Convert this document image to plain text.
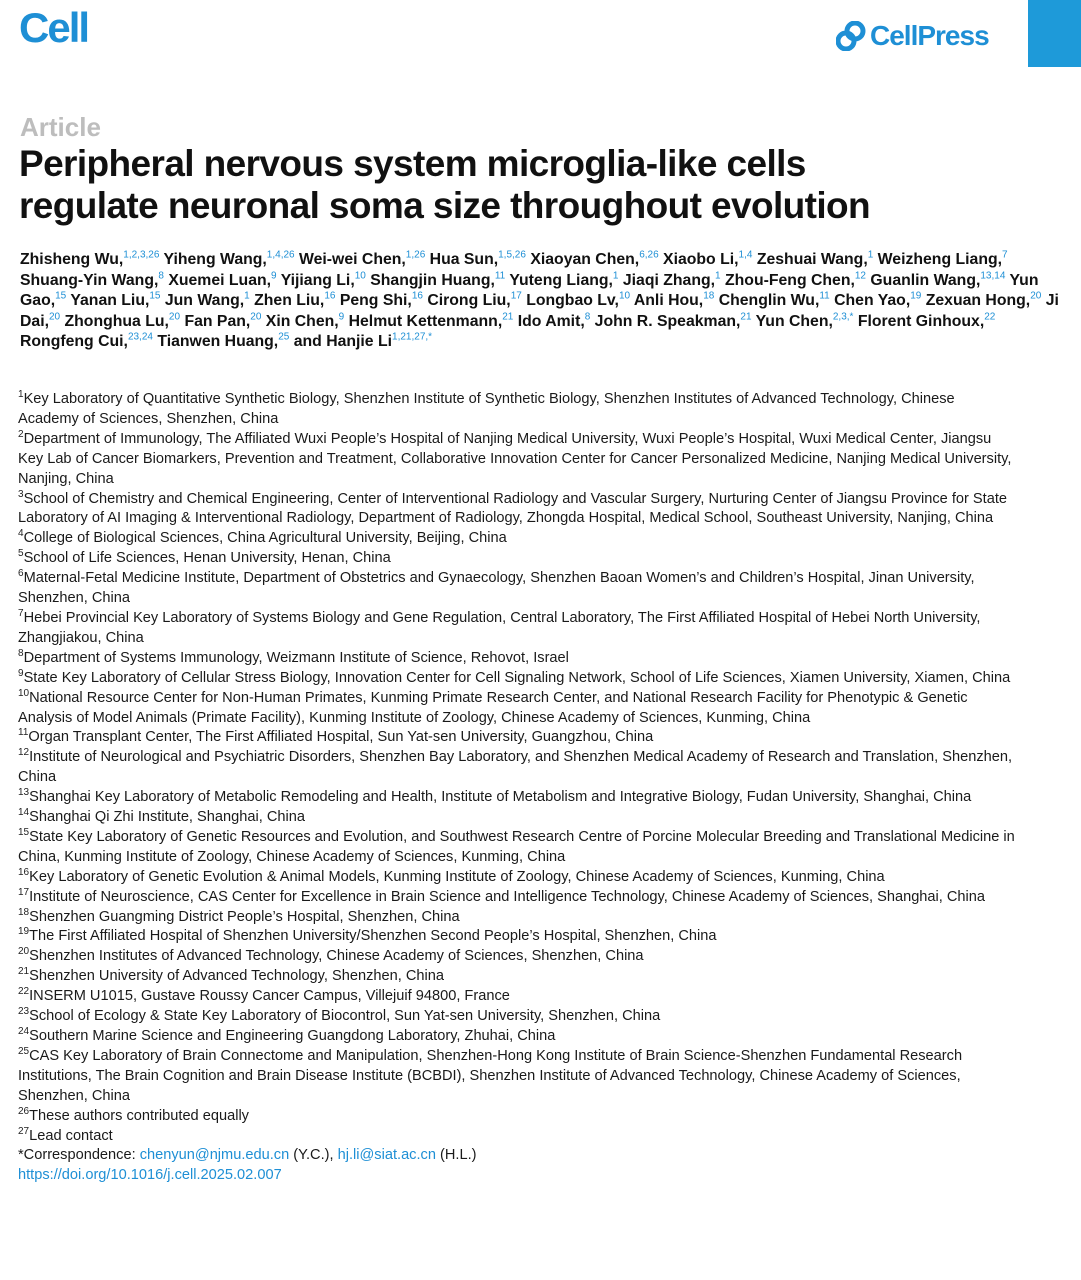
Cell	CellPress
Article
Peripheral nervous system microglia-like cells
regulate neuronal soma size throughout evolution
Zhisheng Wu,$^{1,2,3,26}$ Yiheng Wang,$^{1,4,26}$ Wei-wei Chen,$^{1,26}$ Hua Sun,$^{1,5,26}$ Xiaoyan Chen,$^{6,26}$ Xiaobo Li,$^{1,4}$ Zeshuai Wang,$^1$ Weizheng Liang,$^7$ Shuang-Yin Wang,$^8$ Xuemei Luan,$^9$ Yijiang Li,$^{10}$ Shangjin Huang,$^{11}$ Yuteng Liang,$^1$ Jiaqi Zhang,$^1$ Zhou-Feng Chen,$^{12}$ Guanlin Wang,$^{13,14}$ Yun Gao,$^{15}$ Yanan Liu,$^{15}$ Jun Wang,$^1$ Zhen Liu,$^{16}$ Peng Shi,$^{16}$ Cirong Liu,$^{17}$ Longbao Lv,$^{10}$ Anli Hou,$^{18}$ Chenglin Wu,$^{11}$ Chen Yao,$^{19}$ Zexuan Hong,$^{20}$ Ji Dai,$^{20}$ Zhonghua Lu,$^{20}$ Fan Pan,$^{20}$ Xin Chen,$^9$ Helmut Kettenmann,$^{21}$ Ido Amit,$^8$ John R. Speakman,$^{21}$ Yun Chen,$^{2,3,*}$ Florent Ginhoux,$^{22}$ Rongfeng Cui,$^{23,24}$ Tianwen Huang,$^{25}$ and Hanjie $Li^{1,21,27,*}$
$^1$Key Laboratory of Quantitative Synthetic Biology, Shenzhen Institute of Synthetic Biology, Shenzhen Institutes of Advanced Technology, Chinese Academy of Sciences, Shenzhen, China
$^2$Department of Immunology, The Affiliated Wuxi People’s Hospital of Nanjing Medical University, Wuxi People’s Hospital, Wuxi Medical Center, Jiangsu Key Lab of Cancer Biomarkers, Prevention and Treatment, Collaborative Innovation Center for Cancer Personalized Medicine, Nanjing Medical University, Nanjing, China
$^3$School of Chemistry and Chemical Engineering, Center of Interventional Radiology and Vascular Surgery, Nurturing Center of Jiangsu Province for State Laboratory of AI Imaging & Interventional Radiology, Department of Radiology, Zhongda Hospital, Medical School, Southeast University, Nanjing, China
$^4$College of Biological Sciences, China Agricultural University, Beijing, China
$^5$School of Life Sciences, Henan University, Henan, China
$^6$Maternal-Fetal Medicine Institute, Department of Obstetrics and Gynaecology, Shenzhen Baoan Women’s and Children’s Hospital, Jinan University, Shenzhen, China
$^7$Hebei Provincial Key Laboratory of Systems Biology and Gene Regulation, Central Laboratory, The First Affiliated Hospital of Hebei North University, Zhangjiakou, China
$^8$Department of Systems Immunology, Weizmann Institute of Science, Rehovot, Israel
$^9$State Key Laboratory of Cellular Stress Biology, Innovation Center for Cell Signaling Network, School of Life Sciences, Xiamen University, Xiamen, China
$^{10}$National Resource Center for Non-Human Primates, Kunming Primate Research Center, and National Research Facility for Phenotypic & Genetic Analysis of Model Animals (Primate Facility), Kunming Institute of Zoology, Chinese Academy of Sciences, Kunming, China
$^{11}$Organ Transplant Center, The First Affiliated Hospital, Sun Yat-sen University, Guangzhou, China
$^{12}$Institute of Neurological and Psychiatric Disorders, Shenzhen Bay Laboratory, and Shenzhen Medical Academy of Research and Translation, Shenzhen, China
$^{13}$Shanghai Key Laboratory of Metabolic Remodeling and Health, Institute of Metabolism and Integrative Biology, Fudan University, Shanghai, China
$^{14}$Shanghai Qi Zhi Institute, Shanghai, China
$^{15}$State Key Laboratory of Genetic Resources and Evolution, and Southwest Research Centre of Porcine Molecular Breeding and Translational Medicine in China, Kunming Institute of Zoology, Chinese Academy of Sciences, Kunming, China
$^{16}$Key Laboratory of Genetic Evolution & Animal Models, Kunming Institute of Zoology, Chinese Academy of Sciences, Kunming, China
$^{17}$Institute of Neuroscience, CAS Center for Excellence in Brain Science and Intelligence Technology, Chinese Academy of Sciences, Shanghai, China
$^{18}$Shenzhen Guangming District People’s Hospital, Shenzhen, China
$^{19}$The First Affiliated Hospital of Shenzhen University/Shenzhen Second People’s Hospital, Shenzhen, China
$^{20}$Shenzhen Institutes of Advanced Technology, Chinese Academy of Sciences, Shenzhen, China
$^{21}$Shenzhen University of Advanced Technology, Shenzhen, China
$^{22}$INSERM U1015, Gustave Roussy Cancer Campus, Villejuif 94800, France
$^{23}$School of Ecology & State Key Laboratory of Biocontrol, Sun Yat-sen University, Shenzhen, China
$^{24}$Southern Marine Science and Engineering Guangdong Laboratory, Zhuhai, China
$^{25}$CAS Key Laboratory of Brain Connectome and Manipulation, Shenzhen-Hong Kong Institute of Brain Science-Shenzhen Fundamental Research Institutions, The Brain Cognition and Brain Disease Institute (BCBDI), Shenzhen Institute of Advanced Technology, Chinese Academy of Sciences, Shenzhen, China
$^{26}$These authors contributed equally
$^{27}$Lead contact
*Correspondence: chenyun@njmu.edu.cn (Y.C.), hj.li@siat.ac.cn (H.L.)
https://doi.org/10.1016/j.cell.2025.02.007
